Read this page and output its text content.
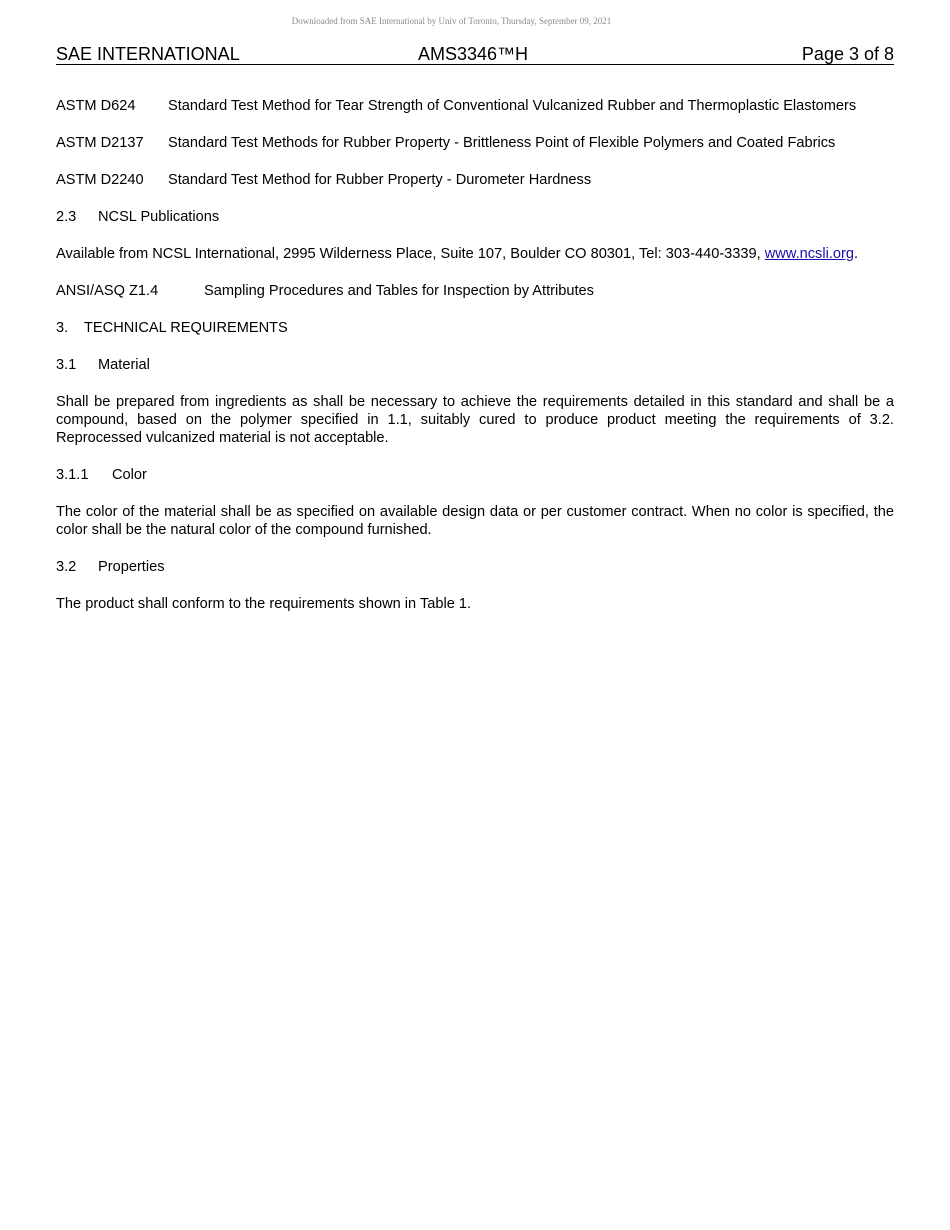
Downloaded from SAE International by Univ of Toronto, Thursday, September 09, 2021
SAE INTERNATIONAL	AMS3346™H	Page 3 of 8
ASTM D624	Standard Test Method for Tear Strength of Conventional Vulcanized Rubber and Thermoplastic Elastomers
ASTM D2137	Standard Test Methods for Rubber Property - Brittleness Point of Flexible Polymers and Coated Fabrics
ASTM D2240	Standard Test Method for Rubber Property - Durometer Hardness
2.3 NCSL Publications
Available from NCSL International, 2995 Wilderness Place, Suite 107, Boulder CO 80301, Tel: 303-440-3339, www.ncsli.org.
ANSI/ASQ Z1.4	Sampling Procedures and Tables for Inspection by Attributes
3. TECHNICAL REQUIREMENTS
3.1 Material
Shall be prepared from ingredients as shall be necessary to achieve the requirements detailed in this standard and shall be a compound, based on the polymer specified in 1.1, suitably cured to produce product meeting the requirements of 3.2. Reprocessed vulcanized material is not acceptable.
3.1.1 Color
The color of the material shall be as specified on available design data or per customer contract. When no color is specified, the color shall be the natural color of the compound furnished.
3.2 Properties
The product shall conform to the requirements shown in Table 1.
